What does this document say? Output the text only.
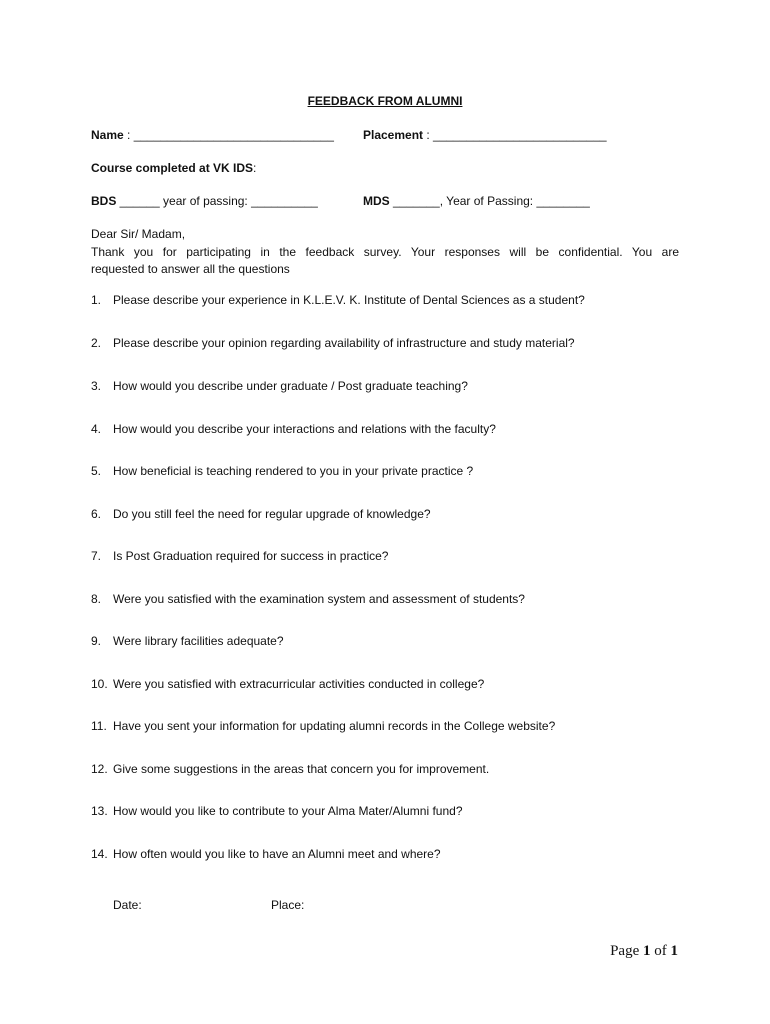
FEEDBACK FROM ALUMNI
Name : ______________________________ Placement : __________________________
Course completed at VK IDS:
BDS ______ year of passing: __________	MDS _______, Year of Passing: ________
Dear Sir/ Madam,
Thank you for participating in the feedback survey. Your responses will be confidential. You are
requested to answer all the questions
1. Please describe your experience in K.L.E.V. K. Institute of Dental Sciences as a student?
2. Please describe your opinion regarding availability of infrastructure and study material?
3. How would you describe under graduate / Post graduate teaching?
4. How would you describe your interactions and relations with the faculty?
5. How beneficial is teaching rendered to you in your private practice ?
6. Do you still feel the need for regular upgrade of knowledge?
7. Is Post Graduation required for success in practice?
8. Were you satisfied with the examination system and assessment of students?
9. Were library facilities adequate?
10. Were you satisfied with extracurricular activities conducted in college?
11. Have you sent your information for updating alumni records in the College website?
12. Give some suggestions in the areas that concern you for improvement.
13. How would you like to contribute to your Alma Mater/Alumni fund?
14. How often would you like to have an Alumni meet and where?
Date:	Place:
Page 1 of 1
